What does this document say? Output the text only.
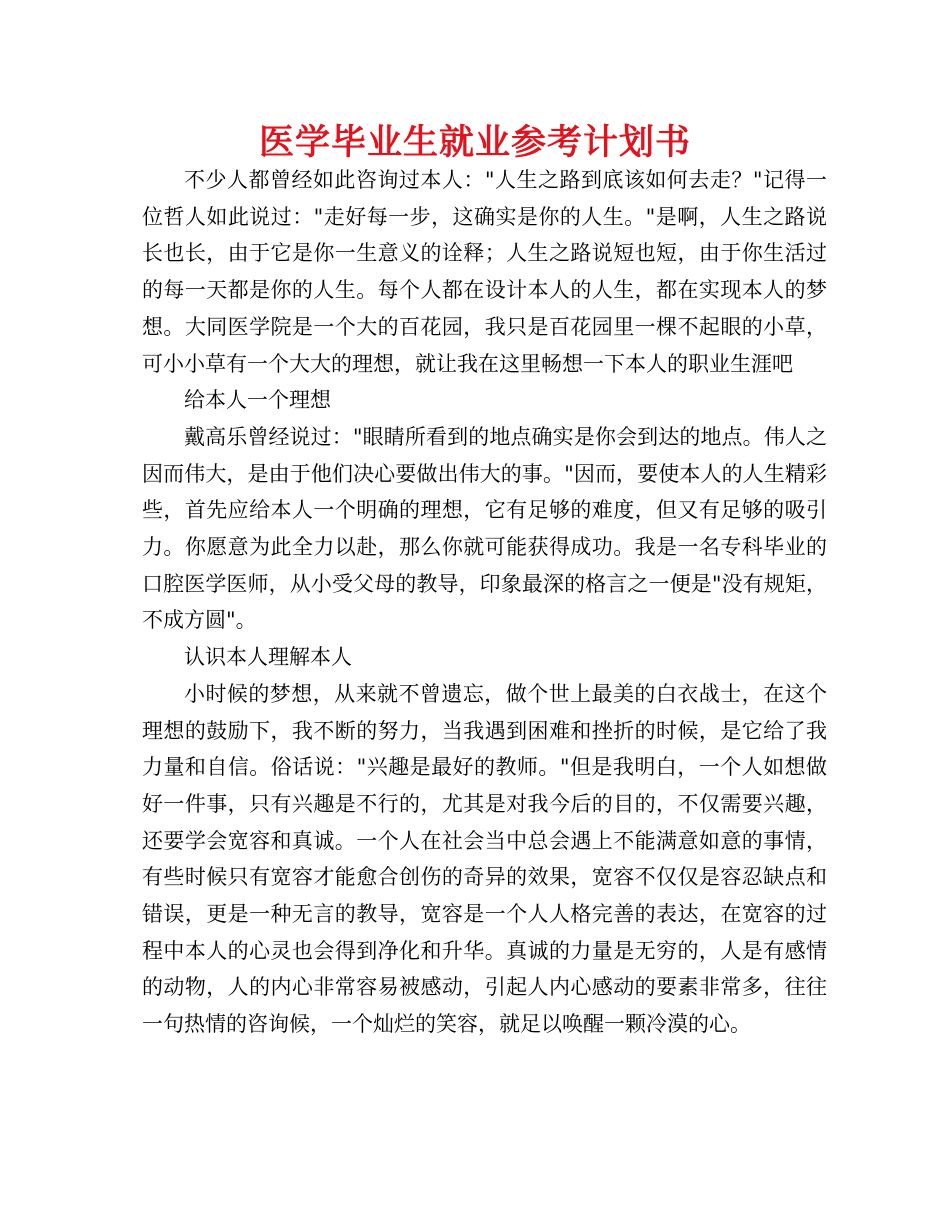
医学毕业生就业参考计划书

不少人都曾经如此咨询过本人："人生之路到底该如何去走？"记得一位哲人如此说过："走好每一步，这确实是你的人生。"是啊，人生之路说长也长，由于它是你一生意义的诠释；人生之路说短也短，由于你生活过的每一天都是你的人生。每个人都在设计本人的人生，都在实现本人的梦想。大同医学院是一个大的百花园，我只是百花园里一棵不起眼的小草，可小小草有一个大大的理想，就让我在这里畅想一下本人的职业生涯吧

给本人一个理想

戴高乐曾经说过："眼睛所看到的地点确实是你会到达的地点。伟人之因而伟大，是由于他们决心要做出伟大的事。"因而，要使本人的人生精彩些，首先应给本人一个明确的理想，它有足够的难度，但又有足够的吸引力。你愿意为此全力以赴，那么你就可能获得成功。我是一名专科毕业的口腔医学医师，从小受父母的教导，印象最深的格言之一便是"没有规矩，不成方圆"。

认识本人理解本人

小时候的梦想，从来就不曾遗忘，做个世上最美的白衣战士，在这个理想的鼓励下，我不断的努力，当我遇到困难和挫折的时候，是它给了我力量和自信。俗话说："兴趣是最好的教师。"但是我明白，一个人如想做好一件事，只有兴趣是不行的，尤其是对我今后的目的，不仅需要兴趣，还要学会宽容和真诚。一个人在社会当中总会遇上不能满意如意的事情，有些时候只有宽容才能愈合创伤的奇异的效果，宽容不仅仅是容忍缺点和错误，更是一种无言的教导，宽容是一个人人格完善的表达，在宽容的过程中本人的心灵也会得到净化和升华。真诚的力量是无穷的，人是有感情的动物，人的内心非常容易被感动，引起人内心感动的要素非常多，往往一句热情的咨询候，一个灿烂的笑容，就足以唤醒一颗冷漠的心。
